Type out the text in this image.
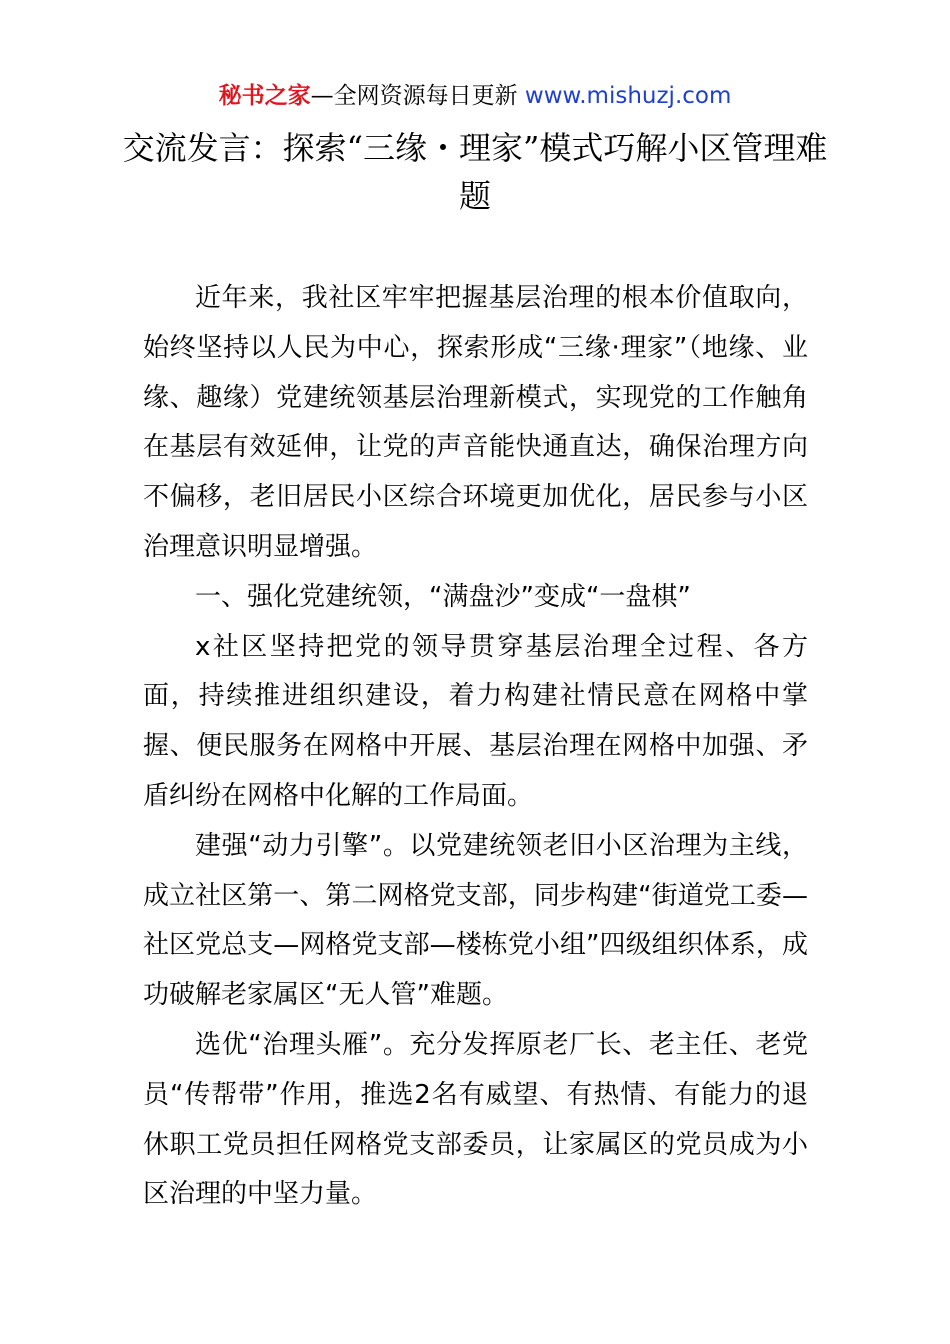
秘书之家—全网资源每日更新 www.mishuzj.com
交流发言：探索“三缘・理家”模式巧解小区管理难题

近年来，我社区牢牢把握基层治理的根本价值取向，始终坚持以人民为中心，探索形成“三缘·理家”（地缘、业缘、趣缘）党建统领基层治理新模式，实现党的工作触角在基层有效延伸，让党的声音能快通直达，确保治理方向不偏移，老旧居民小区综合环境更加优化，居民参与小区治理意识明显增强。

一、强化党建统领，“满盘沙”变成“一盘棋”

x社区坚持把党的领导贯穿基层治理全过程、各方面，持续推进组织建设，着力构建社情民意在网格中掌握、便民服务在网格中开展、基层治理在网格中加强、矛盾纠纷在网格中化解的工作局面。

建强“动力引擎”。以党建统领老旧小区治理为主线，成立社区第一、第二网格党支部，同步构建“街道党工委—社区党总支—网格党支部—楼栋党小组”四级组织体系，成功破解老家属区“无人管”难题。

选优“治理头雁”。充分发挥原老厂长、老主任、老党员“传帮带”作用，推选2名有威望、有热情、有能力的退休职工党员担任网格党支部委员，让家属区的党员成为小区治理的中坚力量。
